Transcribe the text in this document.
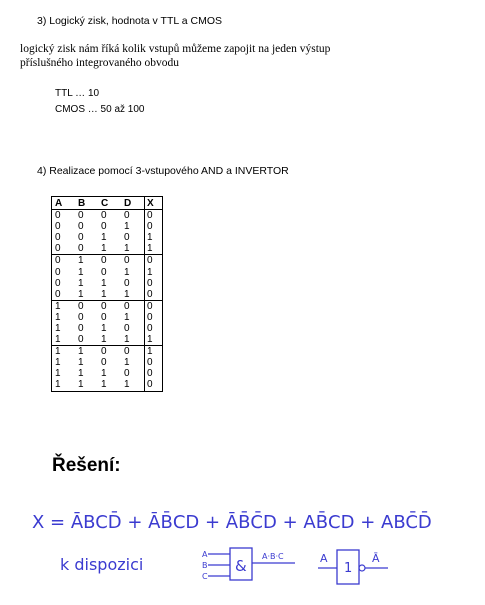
3) Logický zisk, hodnota v TTL a CMOS
logický zisk nám říká kolik vstupů můžeme zapojit na jeden výstup příslušného integrovaného obvodu
TTL … 10
CMOS … 50 až 100
4) Realizace pomocí 3-vstupového AND a INVERTOR
A	B	C	D	X
0	0	0	0	0
0	0	0	1	0
0	0	1	0	1
0	0	1	1	1
0	1	0	0	0
0	1	0	1	1
0	1	1	0	0
0	1	1	1	0
1	0	0	0	0
1	0	0	1	0
1	0	1	0	0
1	0	1	1	1
1	1	0	0	1
1	1	0	1	0
1	1	1	0	0
1	1	1	1	0
Řešení:
X = ĀBCD̄ + ĀB̄CD + ĀB̄C̄D + AB̄CD + ABC̄D̄
k dispozici
A
B
C
&
A·B·C	A
1
Ā
